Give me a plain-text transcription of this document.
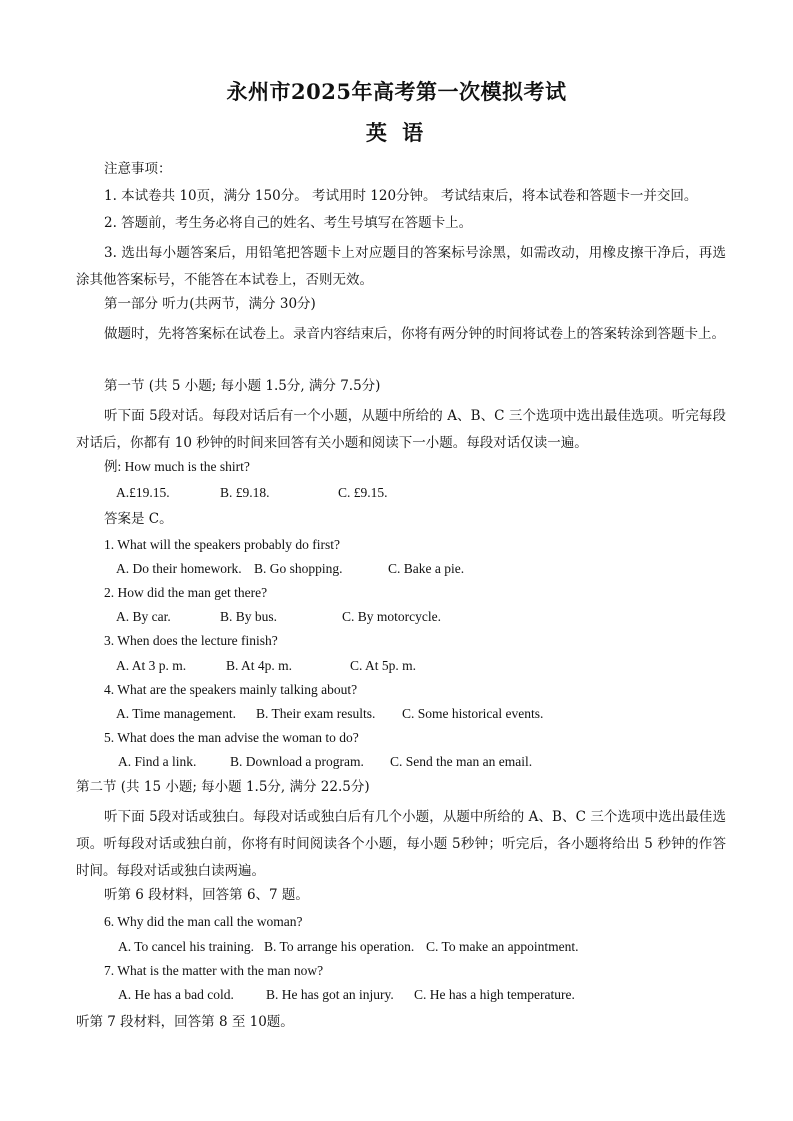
永州市2025年高考第一次模拟考试
英 语
注意事项：
1. 本试卷共 10页，满分 150分。 考试用时 120分钟。 考试结束后，将本试卷和答题卡一并交回。
2. 答题前，考生务必将自己的姓名、考生号填写在答题卡上。
3. 选出每小题答案后，用铅笔把答题卡上对应题目的答案标号涂黑，如需改动，用橡皮擦干净后，再选涂其他答案标号，不能答在本试卷上，否则无效。
第一部分 听力(共两节，满分 30分)
做题时，先将答案标在试卷上。录音内容结束后，你将有两分钟的时间将试卷上的答案转涂到答题卡上。
第一节 (共 5 小题; 每小题 1.5分, 满分 7.5分)
听下面 5段对话。每段对话后有一个小题，从题中所给的 A、B、C 三个选项中选出最佳选项。听完每段对话后，你都有 10 秒钟的时间来回答有关小题和阅读下一小题。每段对话仅读一遍。
例: How much is the shirt?
A.£19.15.	B. £9.18.	C. £9.15.
答案是 C。
1. What will the speakers probably do first?
A. Do their homework. B. Go shopping.	C. Bake a pie.
2. How did the man get there?
A. By car.	B. By bus.	C. By motorcycle.
3. When does the lecture finish?
A. At 3 p. m.	B. At 4p. m.	C. At 5p. m.
4. What are the speakers mainly talking about?
A. Time management. B. Their exam results. C. Some historical events.
5. What does the man advise the woman to do?
A. Find a link. B. Download a program. C. Send the man an email.
第二节 (共 15 小题; 每小题 1.5分, 满分 22.5分)
听下面 5段对话或独白。每段对话或独白后有几个小题，从题中所给的 A、B、C 三个选项中选出最佳选项。听每段对话或独白前，你将有时间阅读各个小题，每小题 5秒钟；听完后，各小题将给出 5 秒钟的作答时间。每段对话或独白读两遍。
听第 6 段材料，回答第 6、7 题。
6. Why did the man call the woman?
A. To cancel his training. B. To arrange his operation. C. To make an appointment.
7. What is the matter with the man now?
A. He has a bad cold. B. He has got an injury. C. He has a high temperature.
听第 7 段材料，回答第 8 至 10题。
